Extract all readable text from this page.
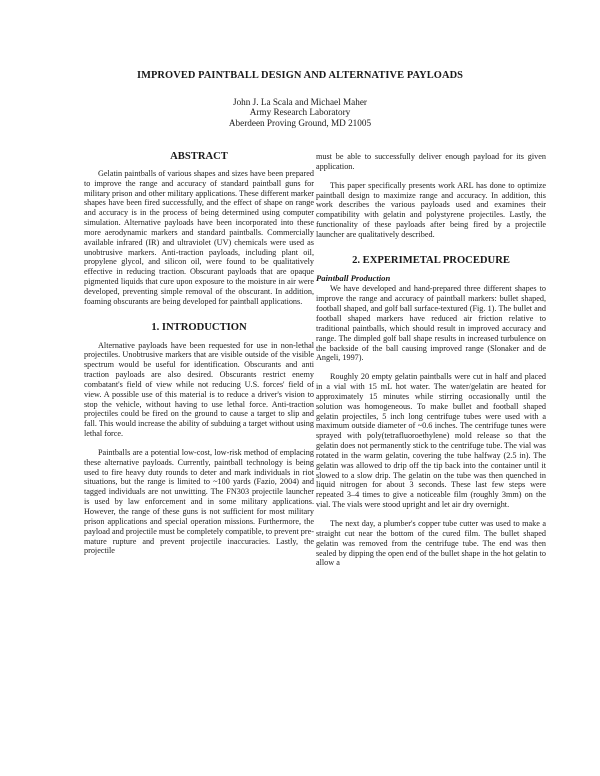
IMPROVED PAINTBALL DESIGN AND ALTERNATIVE PAYLOADS
John J. La Scala and Michael Maher
Army Research Laboratory
Aberdeen Proving Ground, MD 21005
ABSTRACT

Gelatin paintballs of various shapes and sizes have been prepared to improve the range and accuracy of standard paintball guns for military prison and other military applications. These different marker shapes have been fired successfully, and the effect of shape on range and accuracy is in the process of being determined using computer simulation. Alternative payloads have been incorporated into these more aerodynamic markers and standard paintballs. Commercially available infrared (IR) and ultraviolet (UV) chemicals were used as unobtrusive markers. Anti-traction payloads, including plant oil, propylene glycol, and silicon oil, were found to be qualitatively effective in reducing traction. Obscurant payloads that are opaque pigmented liquids that cure upon exposure to the moisture in air were developed, preventing simple removal of the obscurant. In addition, foaming obscurants are being developed for paintball applications.

1. INTRODUCTION

Alternative payloads have been requested for use in non-lethal projectiles. Unobtrusive markers that are visible outside of the visible spectrum would be useful for identification. Obscurants and anti traction payloads are also desired. Obscurants restrict enemy combatant's field of view while not reducing U.S. forces' field of view. A possible use of this material is to reduce a driver's vision to stop the vehicle, without having to use lethal force. Anti-traction projectiles could be fired on the ground to cause a target to slip and fall. This would increase the ability of subduing a target without using lethal force.

Paintballs are a potential low-cost, low-risk method of emplacing these alternative payloads. Currently, paintball technology is being used to fire heavy duty rounds to deter and mark individuals in riot situations, but the range is limited to ~100 yards (Fazio, 2004) and tagged individuals are not unwitting. The FN303 projectile launcher is used by law enforcement and in some military applications. However, the range of these guns is not sufficient for most military prison applications and special operation missions. Furthermore, the payload and projectile must be completely compatible, to prevent pre-mature rupture and prevent projectile inaccuracies. Lastly, the projectile

must be able to successfully deliver enough payload for its given application.

This paper specifically presents work ARL has done to optimize paintball design to maximize range and accuracy. In addition, this work describes the various payloads used and examines their compatibility with gelatin and polystyrene projectiles. Lastly, the functionality of these payloads after being fired by a projectile launcher are qualitatively described.

2. EXPERIMETAL PROCEDURE
Paintball Production

We have developed and hand-prepared three different shapes to improve the range and accuracy of paintball markers: bullet shaped, football shaped, and golf ball surface-textured (Fig. 1). The bullet and football shaped markers have reduced air friction relative to traditional paintballs, which should result in improved accuracy and range. The dimpled golf ball shape results in increased turbulence on the backside of the ball causing improved range (Slonaker and de Angeli, 1997).

Roughly 20 empty gelatin paintballs were cut in half and placed in a vial with 15 mL hot water. The water/gelatin are heated for approximately 15 minutes while stirring occasionally until the solution was homogeneous. To make bullet and football shaped gelatin projectiles, 5 inch long centrifuge tubes were used with a maximum outside diameter of ~0.6 inches. The centrifuge tunes were sprayed with poly(tetrafluoroethylene) mold release so that the gelatin does not permanently stick to the centrifuge tube. The vial was rotated in the warm gelatin, covering the tube halfway (2.5 in). The gelatin was allowed to drip off the tip back into the container until it slowed to a slow drip. The gelatin on the tube was then quenched in liquid nitrogen for about 3 seconds. These last few steps were repeated 3–4 times to give a noticeable film (roughly 3mm) on the vial. The vials were stood upright and let air dry overnight.

The next day, a plumber's copper tube cutter was used to make a straight cut near the bottom of the cured film. The bullet shaped gelatin was removed from the centrifuge tube. The end was then sealed by dipping the open end of the bullet shape in the hot gelatin to allow a
